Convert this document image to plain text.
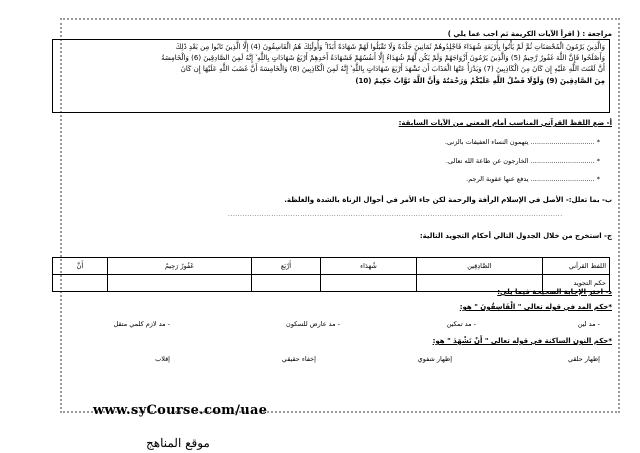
مراجعة : ( اقرأ الآيات الكريمة ثم اجب عما يلي )

وَالَّذِينَ يَرْمُونَ الْمُحْصَنَاتِ ثُمَّ لَمْ يَأْتُوا بِأَرْبَعَةِ شُهَدَاءَ فَاجْلِدُوهُمْ ثَمَانِينَ جَلْدَةً وَلَا تَقْبَلُوا لَهُمْ شَهَادَةً أَبَدًا ۚ وَأُولَٰئِكَ هُمُ الْفَاسِقُونَ (4) إِلَّا الَّذِينَ تَابُوا مِن بَعْدِ ذَٰلِكَ

وَأَصْلَحُوا فَإِنَّ اللَّهَ غَفُورٌ رَّحِيمٌ (5) وَالَّذِينَ يَرْمُونَ أَزْوَاجَهُمْ وَلَمْ يَكُن لَّهُمْ شُهَدَاءُ إِلَّا أَنفُسُهُمْ فَشَهَادَةُ أَحَدِهِمْ أَرْبَعُ شَهَادَاتٍ بِاللَّهِ ۙ إِنَّهُ لَمِنَ الصَّادِقِينَ (6) وَالْخَامِسَةُ

أَنَّ لَعْنَتَ اللَّهِ عَلَيْهِ إِن كَانَ مِنَ الْكَاذِبِينَ (7) وَيَدْرَأُ عَنْهَا الْعَذَابَ أَن تَشْهَدَ أَرْبَعَ شَهَادَاتٍ بِاللَّهِ ۙ إِنَّهُ لَمِنَ الْكَاذِبِينَ (8) وَالْخَامِسَةَ أَنَّ غَضَبَ اللَّهِ عَلَيْهَا إِن كَانَ

مِنَ الصَّادِقِينَ (9) وَلَوْلَا فَضْلُ اللَّهِ عَلَيْكُمْ وَرَحْمَتُهُ وَأَنَّ اللَّهَ تَوَّابٌ حَكِيمٌ (10)

أ- ضع اللفظ القرآني المناسب أمام المعنى من الآيات السابقة:
* ............................... يتهمون النساء العفيفات بالزنى.
* ............................... الخارجون عن طاعة الله تعالى.
* ............................... يدفع عنها عقوبة الرجم.
ب- بما تعلل:- الأصل في الإسلام الرأفة والرحمة لكن جاء الأمر في أحوال الزناة بالشدة والغلظة.
...........................................................................................................................................
ج- استخرج من خلال الجدول التالي أحكام التجويد التالية:
اللفظ القرآني	الصَّادِقِين	شُهَدَاء	أَرْبَع	غَفُورٌ رَحِيمٌ	أَنَّ
حكم التجويد					
د- اختر الإجابة الصحيحة فيما يلي:
*حكم المد في قوله تعالى " الْفَاسِقُونَ " هو:
- مد لين
- مد تمكين
- مد عارض للسكون
- مد لازم كلمي متقل
*حكم النون الساكنة في قوله تعالى " أَنْ تَشْهَدَ " هو:
إظهار حلقي
إظهار شفوي
إخفاء حقيقي
إقلاب
www.syCourse.com/uae
موقع المناهج
